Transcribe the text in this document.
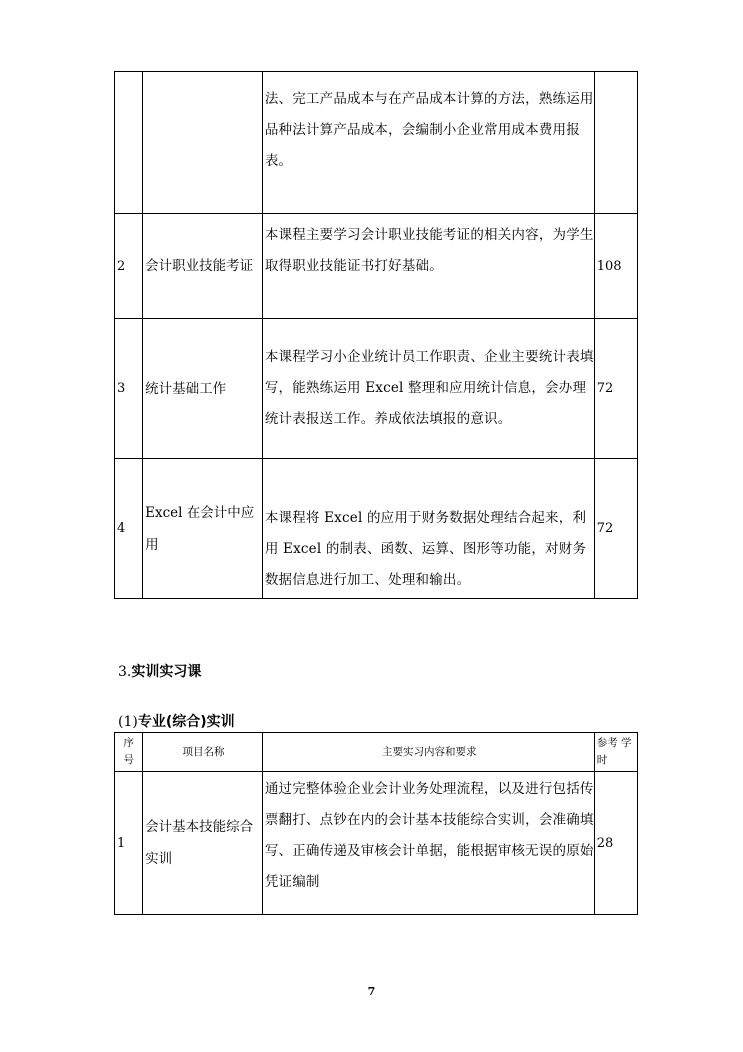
		法、完工产品成本与在产品成本计算的方法，熟练运用品种法计算产品成本，会编制小企业常用成本费用报表。	
2	会计职业技能考证	本课程主要学习会计职业技能考证的相关内容，为学生取得职业技能证书打好基础。	108
3	统计基础工作	本课程学习小企业统计员工作职责、企业主要统计表填写，能熟练运用 Excel 整理和应用统计信息，会办理统计表报送工作。养成依法填报的意识。	72
4	Excel 在会计中应用	本课程将 Excel 的应用于财务数据处理结合起来，利用 Excel 的制表、函数、运算、图形等功能，对财务数据信息进行加工、处理和输出。	72
3.实训实习课
(1)专业(综合)实训
序号	项目名称	主要实习内容和要求	参考 学时
1	会计基本技能综合实训	通过完整体验企业会计业务处理流程，以及进行包括传票翻打、点钞在内的会计基本技能综合实训，会准确填写、正确传递及审核会计单据，能根据审核无误的原始凭证编制	28
7
